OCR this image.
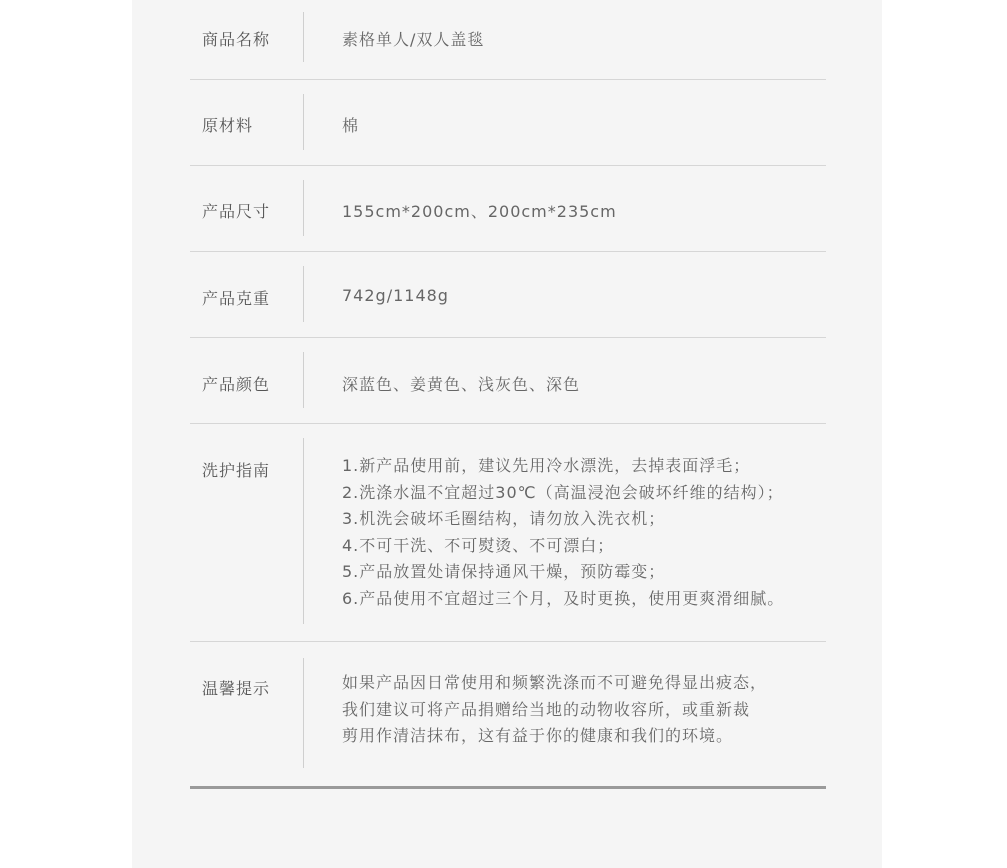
商品名称	素格单人/双人盖毯
原材料	棉
产品尺寸	155cm*200cm、200cm*235cm
产品克重	742g/1148g
产品颜色	深蓝色、姜黄色、浅灰色、深色
洗护指南	1.新产品使用前，建议先用冷水漂洗，去掉表面浮毛；
2.洗涤水温不宜超过30℃（高温浸泡会破坏纤维的结构）；
3.机洗会破坏毛圈结构，请勿放入洗衣机；
4.不可干洗、不可熨烫、不可漂白；
5.产品放置处请保持通风干燥，预防霉变；
6.产品使用不宜超过三个月，及时更换，使用更爽滑细腻。
温馨提示	如果产品因日常使用和频繁洗涤而不可避免得显出疲态，
我们建议可将产品捐赠给当地的动物收容所，或重新裁
剪用作清洁抹布，这有益于你的健康和我们的环境。
